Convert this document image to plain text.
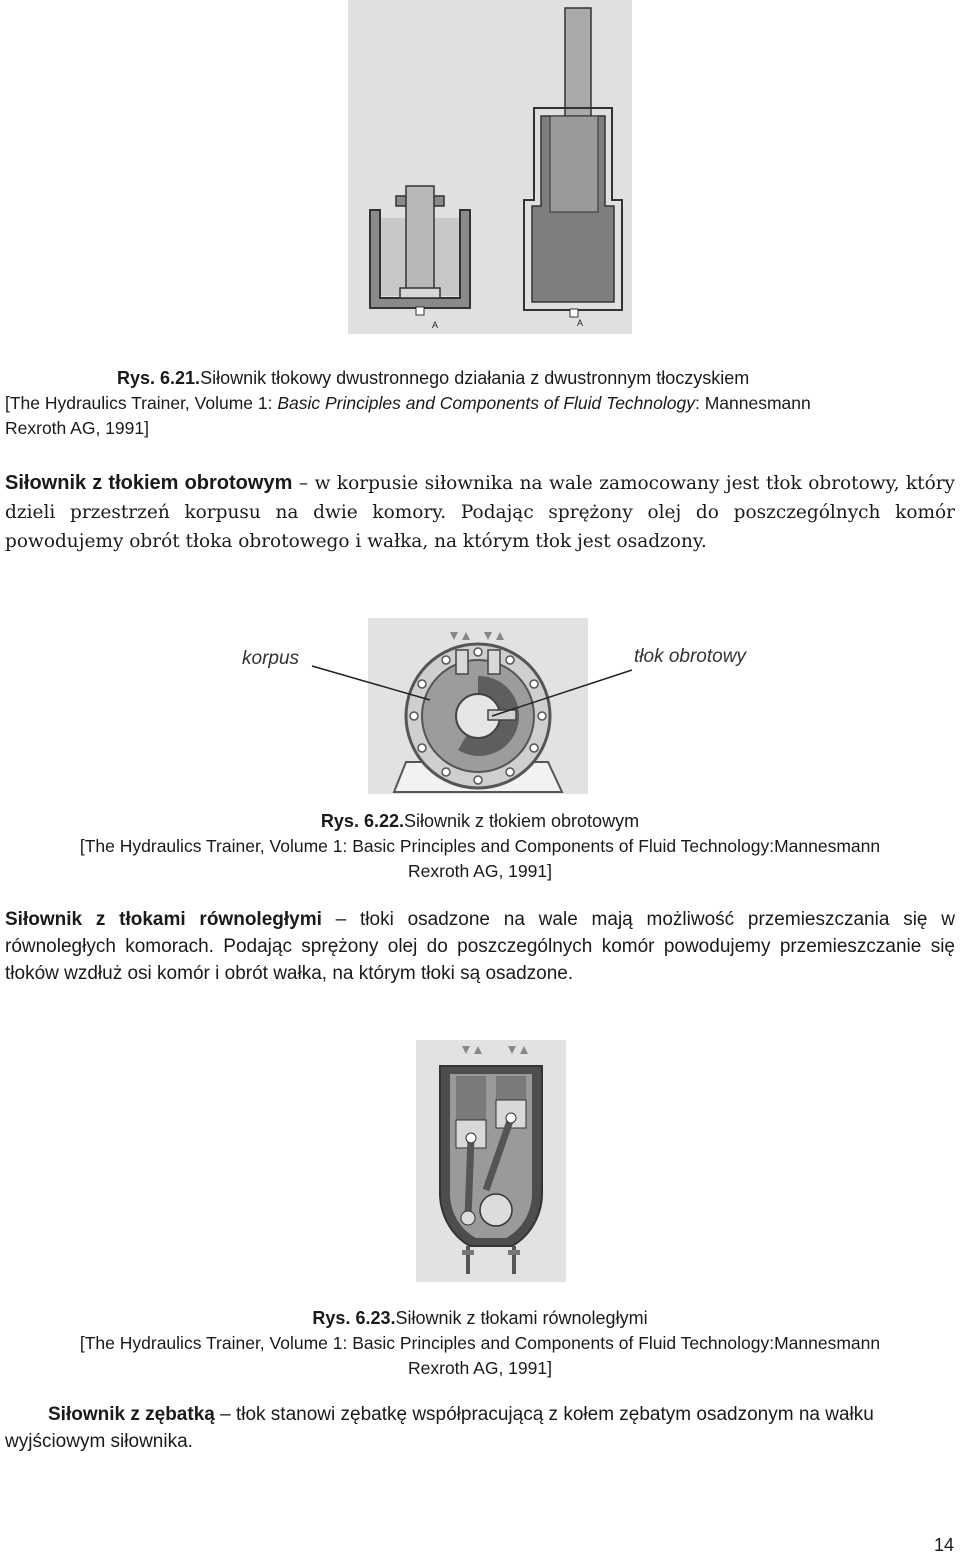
A	A
Rys. 6.21.Siłownik tłokowy dwustronnego działania z dwustronnym tłoczyskiem
[The Hydraulics Trainer, Volume 1: Basic Principles and Components of Fluid Technology: Mannesmann
Rexroth AG, 1991]
Siłownik z tłokiem obrotowym – w korpusie siłownika na wale zamocowany jest tłok obrotowy, który dzieli przestrzeń korpusu na dwie komory. Podając sprężony olej do poszczególnych komór powodujemy obrót tłoka obrotowego i wałka, na którym tłok jest osadzony.
korpus	tłok obrotowy
Rys. 6.22.Siłownik z tłokiem obrotowym
[The Hydraulics Trainer, Volume 1: Basic Principles and Components of Fluid Technology:Mannesmann
Rexroth AG, 1991]
Siłownik z tłokami równoległymi – tłoki osadzone na wale mają możliwość przemieszczania się w równoległych komorach. Podając sprężony olej do poszczególnych komór powodujemy przemieszczanie się tłoków wzdłuż osi komór i obrót wałka, na którym tłoki są osadzone.
Rys. 6.23.Siłownik z tłokami równoległymi
[The Hydraulics Trainer, Volume 1: Basic Principles and Components of Fluid Technology:Mannesmann
Rexroth AG, 1991]
Siłownik z zębatką – tłok stanowi zębatkę współpracującą z kołem zębatym osadzonym na wałku wyjściowym siłownika.
14
